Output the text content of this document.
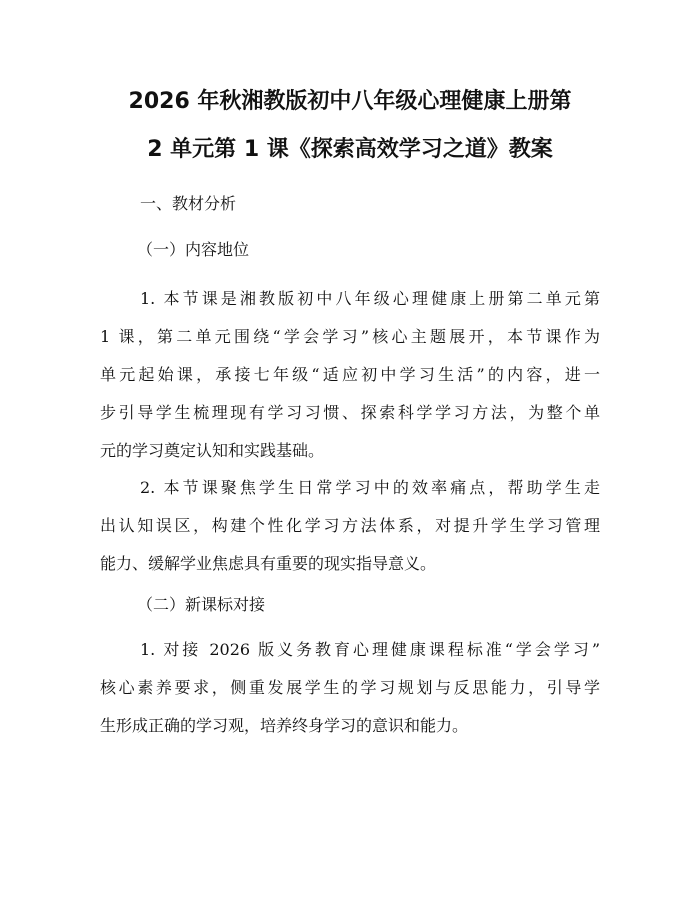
2026 年秋湘教版初中八年级心理健康上册第
2 单元第 1 课《探索高效学习之道》教案
一、教材分析
（一）内容地位
1. 本节课是湘教版初中八年级心理健康上册第二单元第
1 课，第二单元围绕“学会学习”核心主题展开，本节课作为
单元起始课，承接七年级“适应初中学习生活”的内容，进一
步引导学生梳理现有学习习惯、探索科学学习方法，为整个单
元的学习奠定认知和实践基础。
2. 本节课聚焦学生日常学习中的效率痛点，帮助学生走
出认知误区，构建个性化学习方法体系，对提升学生学习管理
能力、缓解学业焦虑具有重要的现实指导意义。
（二）新课标对接
1. 对接 2026 版义务教育心理健康课程标准“学会学习”
核心素养要求，侧重发展学生的学习规划与反思能力，引导学
生形成正确的学习观，培养终身学习的意识和能力。
